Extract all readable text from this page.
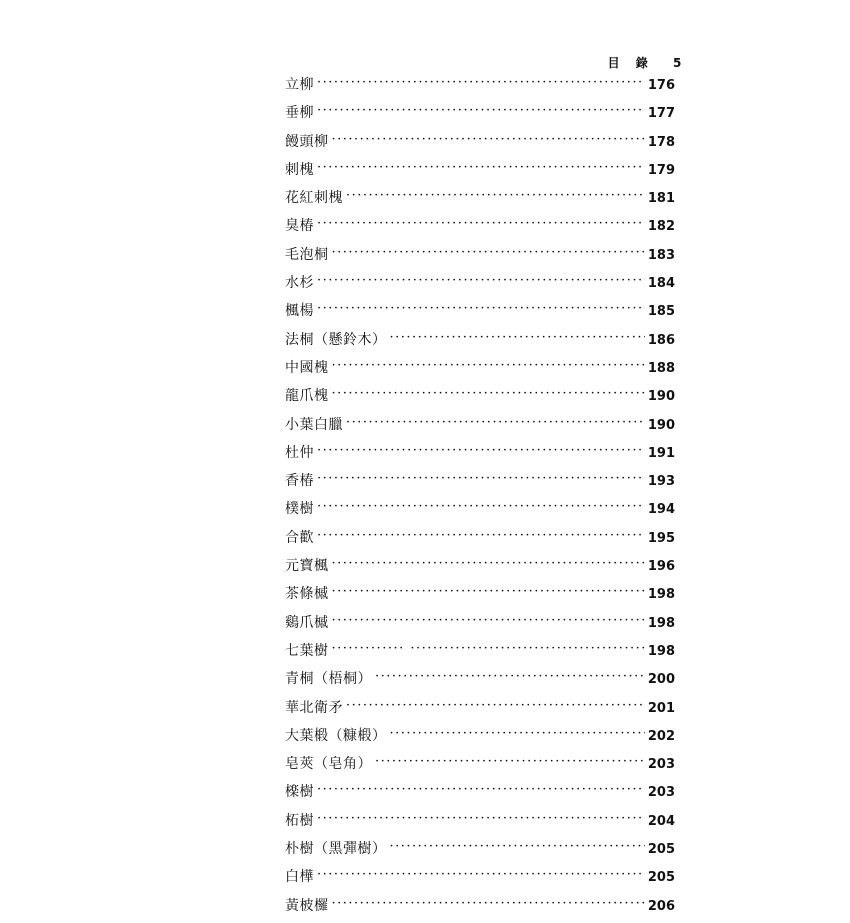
目 錄 5
立柳 ·····	176
垂柳 ·····	177
饅頭柳 ·····	178
刺槐 ·····	179
花紅刺槐 ·····	181
臭椿 ·····	182
毛泡桐 ·····	183
水杉 ·····	184
楓楊 ·····	185
法桐（懸鈴木） ·····	186
中國槐 ·····	188
龍爪槐 ·····	190
小葉白臘 ·····	190
杜仲 ·····	191
香椿 ·····	193
樸樹 ·····	194
合歡 ·····	195
元寶楓 ·····	196
茶條槭 ·····	198
鷄爪槭 ·····	198
七葉樹 ·····	198
青桐（梧桐） ·····	200
華北衛矛 ·····	201
大葉椴（糠椴） ·····	202
皂莢（皂角） ·····	203
檪樹 ·····	203
柘樹 ·····	204
朴樹（黑彈樹） ·····	205
白樺 ·····	205
黃柀欏 ·····	206
